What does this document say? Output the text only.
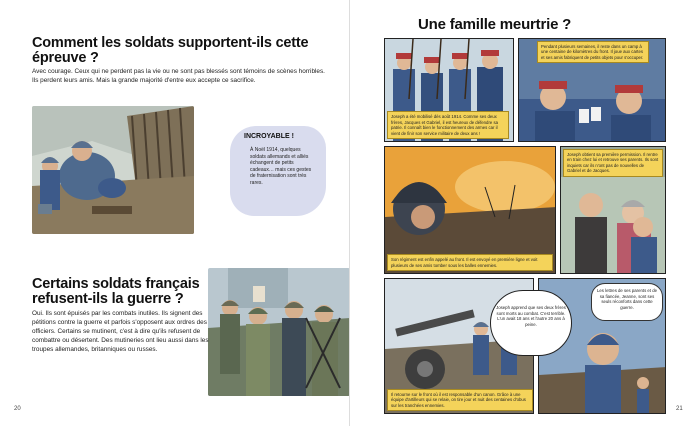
Comment les soldats supportent-ils cette épreuve ?
Avec courage. Ceux qui ne perdent pas la vie ou ne sont pas blessés sont témoins de scènes horribles. Ils perdent leurs amis. Mais la grande majorité d'entre eux accepte ce sacrifice.
INCROYABLE !
À Noël 1914, quelques soldats allemands et alliés échangent de petits cadeaux… mais ces gestes de fraternisation sont très rares.
Certains soldats français refusent-ils la guerre ?
Oui. Ils sont épuisés par les combats inutiles. Ils signent des pétitions contre la guerre et parfois s'opposent aux ordres des officiers. Certains se mutinent, c'est à dire qu'ils refusent de combattre ou désertent. Des mutineries ont lieu aussi dans les troupes allemandes, britanniques ou russes.
20
Une famille meurtrie ?
Joseph a été mobilisé dès août 1914. Comme ses deux frères, Jacques et Gabriel, il est heureux de défendre sa patrie. Il connaît bien le fonctionnement des armes car il vient de finir son service militaire de deux ans !
Pendant plusieurs semaines, il reste dans un camp à une centaine de kilomètres du front. Il joue aux cartes et ses amis fabriquent de petits objets pour s'occuper.
Son régiment est enfin appelé au front. Il est envoyé en première ligne et voit plusieurs de ses amis tomber sous les balles ennemies.
Joseph obtient sa première permission. Il rentre en train chez lui et retrouve ses parents. Ils sont inquiets car ils n'ont pas de nouvelles de Gabriel et de Jacques.
Il retourne sur le front où il est responsable d'un canon. Grâce à une équipe d'artilleurs qui se relaie, on tire jour et nuit des centaines d'obus sur les tranchées ennemies.
Les lettres de ses parents et de sa fiancée, Jeanne, sont ses seuls réconforts dans cette guerre.
Joseph apprend que ses deux frères sont morts au combat. C'est terrible. L'un avait 18 ans et l'autre 20 ans à peine.
21
